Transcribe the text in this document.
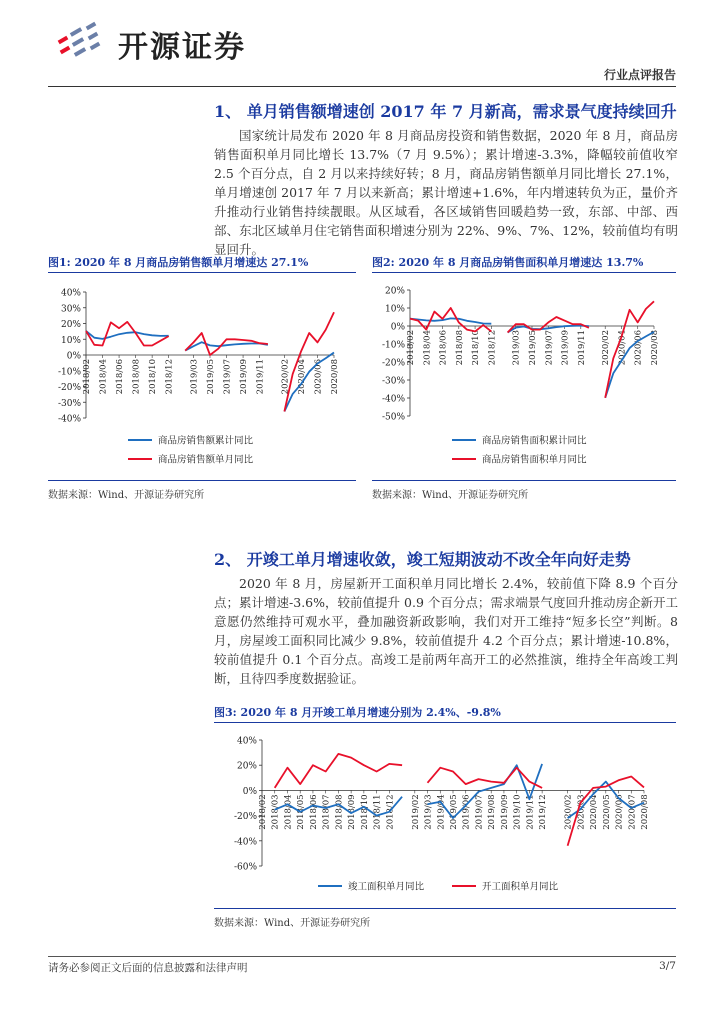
开源证券
行业点评报告
1、 单月销售额增速创 2017 年 7 月新高，需求景气度持续回升
国家统计局发布 2020 年 8 月商品房投资和销售数据，2020 年 8 月，商品房销售面积单月同比增长 13.7%（7 月 9.5%）；累计增速-3.3%，降幅较前值收窄 2.5 个百分点，自 2 月以来持续好转；8 月，商品房销售额单月同比增长 27.1%，单月增速创 2017 年 7 月以来新高；累计增速+1.6%，年内增速转负为正，量价齐升推动行业销售持续靓眼。从区域看，各区域销售回暖趋势一致，东部、中部、西部、东北区域单月住宅销售面积增速分别为 22%、9%、7%、12%，较前值均有明显回升。
图1: 2020 年 8 月商品房销售额单月增速达 27.1%
-40%
-30%
-20%
-10%
0%
10%
20%
30%
40%
2018/02 2018/04 2018/06 2018/08 2018/10 2018/12 2019/03 2019/05 2019/07 2019/09 2019/11 2020/02 2020/04 2020/06 2020/08
商品房销售额累计同比
商品房销售额单月同比
数据来源：Wind、开源证券研究所
图2: 2020 年 8 月商品房销售面积单月增速达 13.7%
-50%
-40%
-30%
-20%
-10%
0%
10%
20%
2018/02 2018/04 2018/06 2018/08 2018/10 2018/12 2019/03 2019/05 2019/07 2019/09 2019/11 2020/02 2020/04 2020/06 2020/08
商品房销售面积累计同比
商品房销售面积单月同比
数据来源：Wind、开源证券研究所
2、 开竣工单月增速收敛，竣工短期波动不改全年向好走势
2020 年 8 月，房屋新开工面积单月同比增长 2.4%，较前值下降 8.9 个百分点；累计增速-3.6%，较前值提升 0.9 个百分点；需求端景气度回升推动房企新开工意愿仍然维持可观水平，叠加融资新政影响，我们对开工维持“短多长空”判断。8 月，房屋竣工面积同比减少 9.8%，较前值提升 4.2 个百分点；累计增速-10.8%，较前值提升 0.1 个百分点。高竣工是前两年高开工的必然推演，维持全年高竣工判断，且待四季度数据验证。
图3: 2020 年 8 月开竣工单月增速分别为 2.4%、-9.8%
-60%
-40%
-20%
0%
20%
40%
2018/02 2018/03 2018/04 2018/05 2018/06 2018/07 2018/08 2018/09 2018/10 2018/11 2018/12 2019/02 2019/03 2019/04 2019/05 2019/06 2019/07 2019/08 2019/09 2019/10 2019/11 2019/12 2020/02 2020/03 2020/04 2020/05 2020/06 2020/07 2020/08
竣工面积单月同比	开工面积单月同比
数据来源：Wind、开源证券研究所
请务必参阅正文后面的信息披露和法律声明	3/7
